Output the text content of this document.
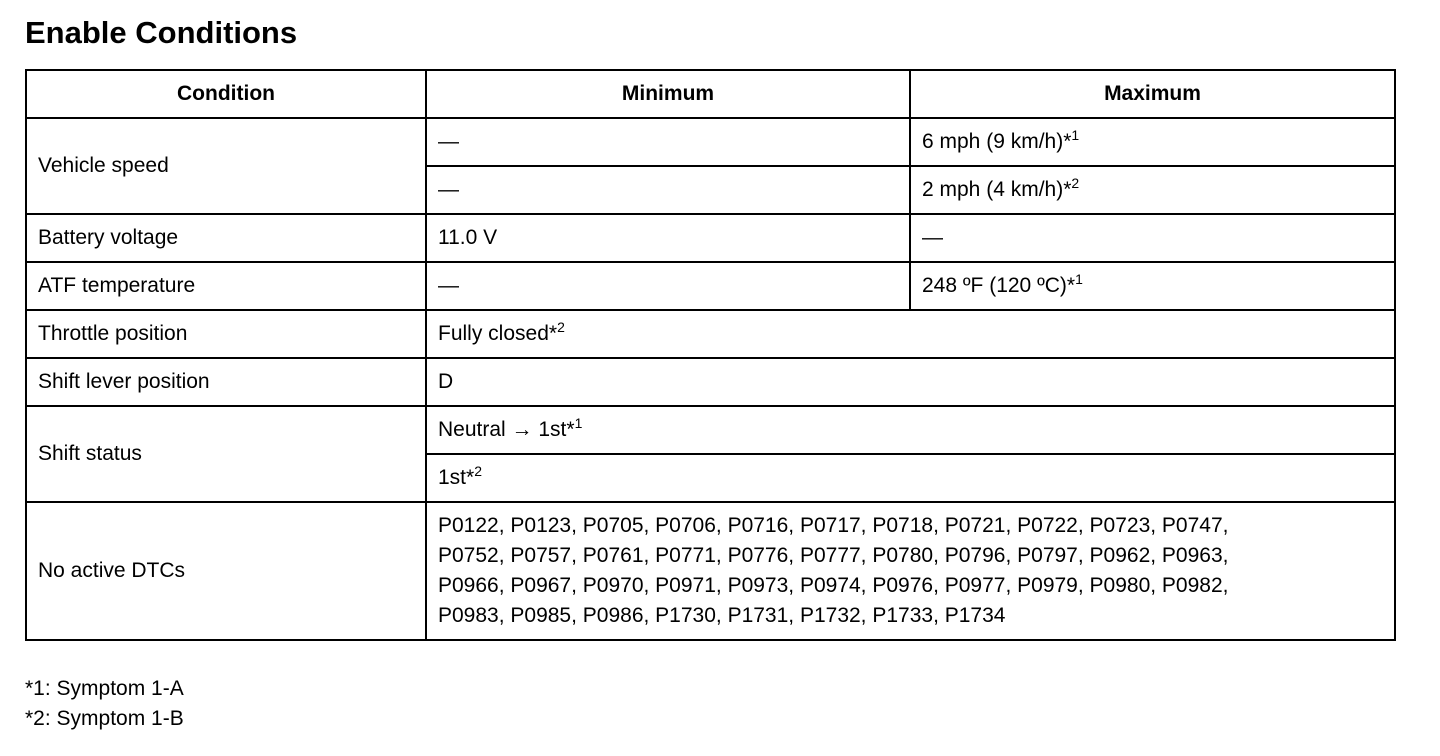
Enable Conditions
Condition	Minimum	Maximum
Vehicle speed	—	6 mph (9 km/h)*$^1$
	—	2 mph (4 km/h)*$^2$
Battery voltage	11.0 V	—
ATF temperature	—	248 ºF (120 ºC)*$^1$
Throttle position	Fully closed*$^2$
Shift lever position	D	
Shift status	Neutral → 1st*$^1$
	1st*$^2$
No active DTCs	P0122, P0123, P0705, P0706, P0716, P0717, P0718, P0721, P0722, P0723, P0747,
P0752, P0757, P0761, P0771, P0776, P0777, P0780, P0796, P0797, P0962, P0963,
P0966, P0967, P0970, P0971, P0973, P0974, P0976, P0977, P0979, P0980, P0982,
P0983, P0985, P0986, P1730, P1731, P1732, P1733, P1734	
*1: Symptom 1-A
*2: Symptom 1-B
